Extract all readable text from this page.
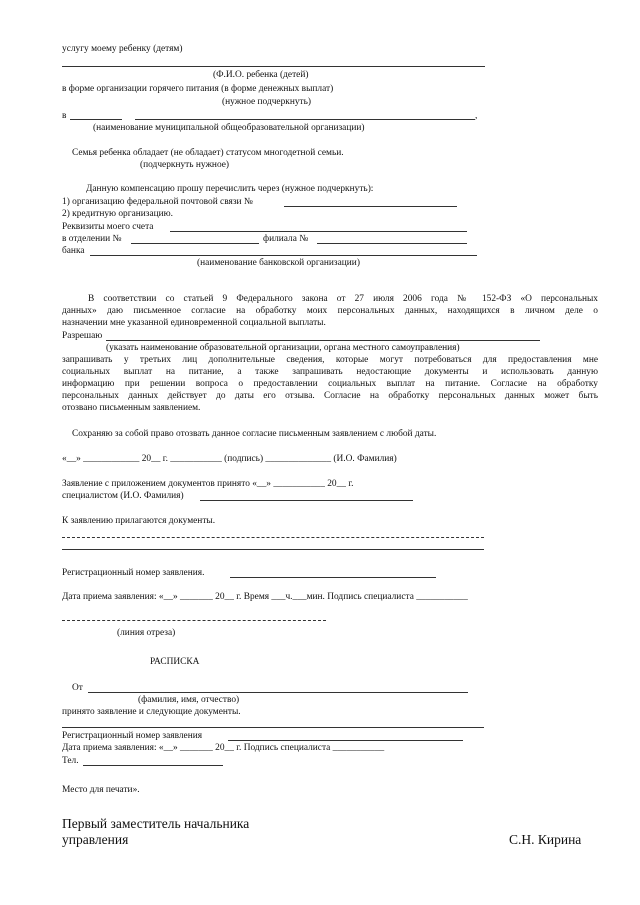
услугу моему ребенку (детям)
(Ф.И.О. ребенка (детей)
в форме организации горячего питания (в форме денежных выплат)
(нужное подчеркнуть)
в	,
(наименование муниципальной общеобразовательной организации)
Семья ребенка обладает (не обладает) статусом многодетной семьи.
(подчеркнуть нужное)
Данную компенсацию прошу перечислить через (нужное подчеркнуть):
1) организацию федеральной почтовой связи №
2) кредитную организацию.
Реквизиты моего счета
в отделении №	филиала №
банка
(наименование банковской организации)
В соответствии со статьей 9 Федерального закона от 27 июля 2006 года № 152-ФЗ «О персональных
данных» даю письменное согласие на обработку моих персональных данных, находящихся в личном деле о
назначении мне указанной единовременной социальной выплаты.
Разрешаю
(указать наименование образовательной организации, органа местного самоуправления)
запрашивать у третьих лиц дополнительные сведения, которые могут потребоваться для предоставления мне
социальных выплат на питание, а также запрашивать недостающие документы и использовать данную
информацию при решении вопроса о предоставлении социальных выплат на питание. Согласие на обработку
персональных данных действует до даты его отзыва. Согласие на обработку персональных данных может быть
отозвано письменным заявлением.
Сохраняю за собой право отозвать данное согласие письменным заявлением с любой даты.
«__» ____________ 20__ г. ___________ (подпись) ______________ (И.О. Фамилия)
Заявление с приложением документов принято «__» ___________ 20__ г.
специалистом (И.О. Фамилия)
К заявлению прилагаются документы.
Регистрационный номер заявления.
Дата приема заявления: «__» _______ 20__ г. Время ___ч.___мин. Подпись специалиста ___________
(линия отреза)
РАСПИСКА
От
(фамилия, имя, отчество)
принято заявление и следующие документы.
Регистрационный номер заявления
Дата приема заявления: «__» _______ 20__ г. Подпись специалиста ___________
Тел.
Место для печати».
Первый заместитель начальника
управления	С.Н. Кирина
